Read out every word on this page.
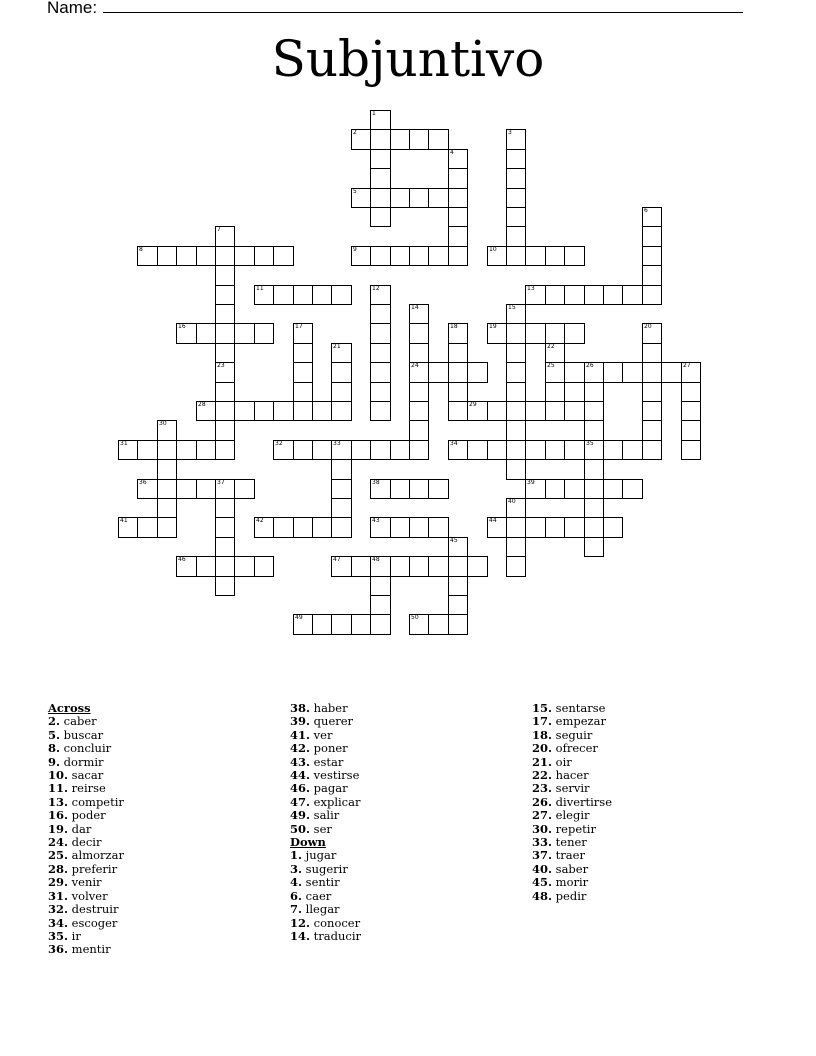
Name:
Subjuntivo
1
2	3
4
5
6
7
23
8	9	10
11	12	13
14
24
15
16	17	18	19	20
21	22
25	26	27
35
28	29
30
31	32	33	34
36	37	38	39
40
41	42	43	44
45
46	47	48
49	50
Across
2. caber
5. buscar
8. concluir
9. dormir
10. sacar
11. reirse
13. competir
16. poder
19. dar
24. decir
25. almorzar
28. preferir
29. venir
31. volver
32. destruir
34. escoger
35. ir
36. mentir
38. haber
39. querer
41. ver
42. poner
43. estar
44. vestirse
46. pagar
47. explicar
49. salir
50. ser
Down
1. jugar
3. sugerir
4. sentir
6. caer
7. llegar
12. conocer
14. traducir
15. sentarse
17. empezar
18. seguir
20. ofrecer
21. oir
22. hacer
23. servir
26. divertirse
27. elegir
30. repetir
33. tener
37. traer
40. saber
45. morir
48. pedir
